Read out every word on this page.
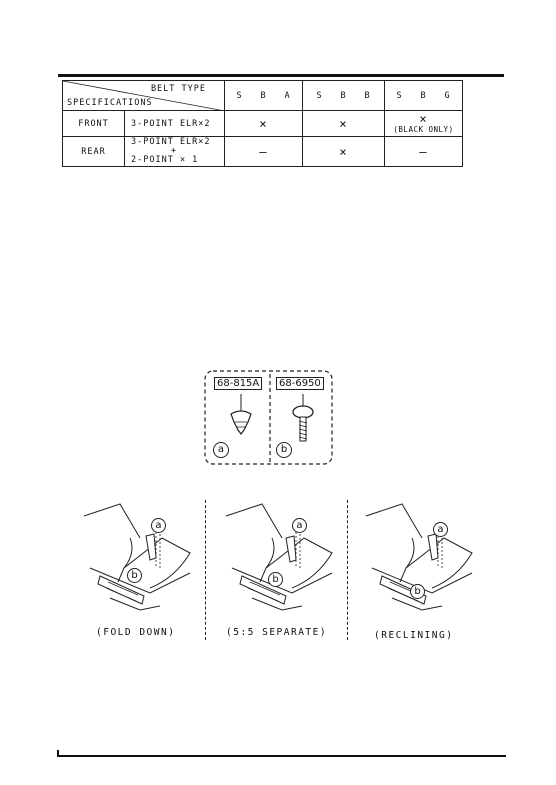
BELT TYPE
SPECIFICATIONS		S B A	S B B	S B G
FRONT	3-POINT ELR×2	×	×	×
(BLACK ONLY)

REAR	3-POINT ELR×2
+
2-POINT × 1	–	×	–
68-815A	68-6950
a	b
a
b
(FOLD DOWN)
a
b
(5:5 SEPARATE)
a
b
(RECLINING)
